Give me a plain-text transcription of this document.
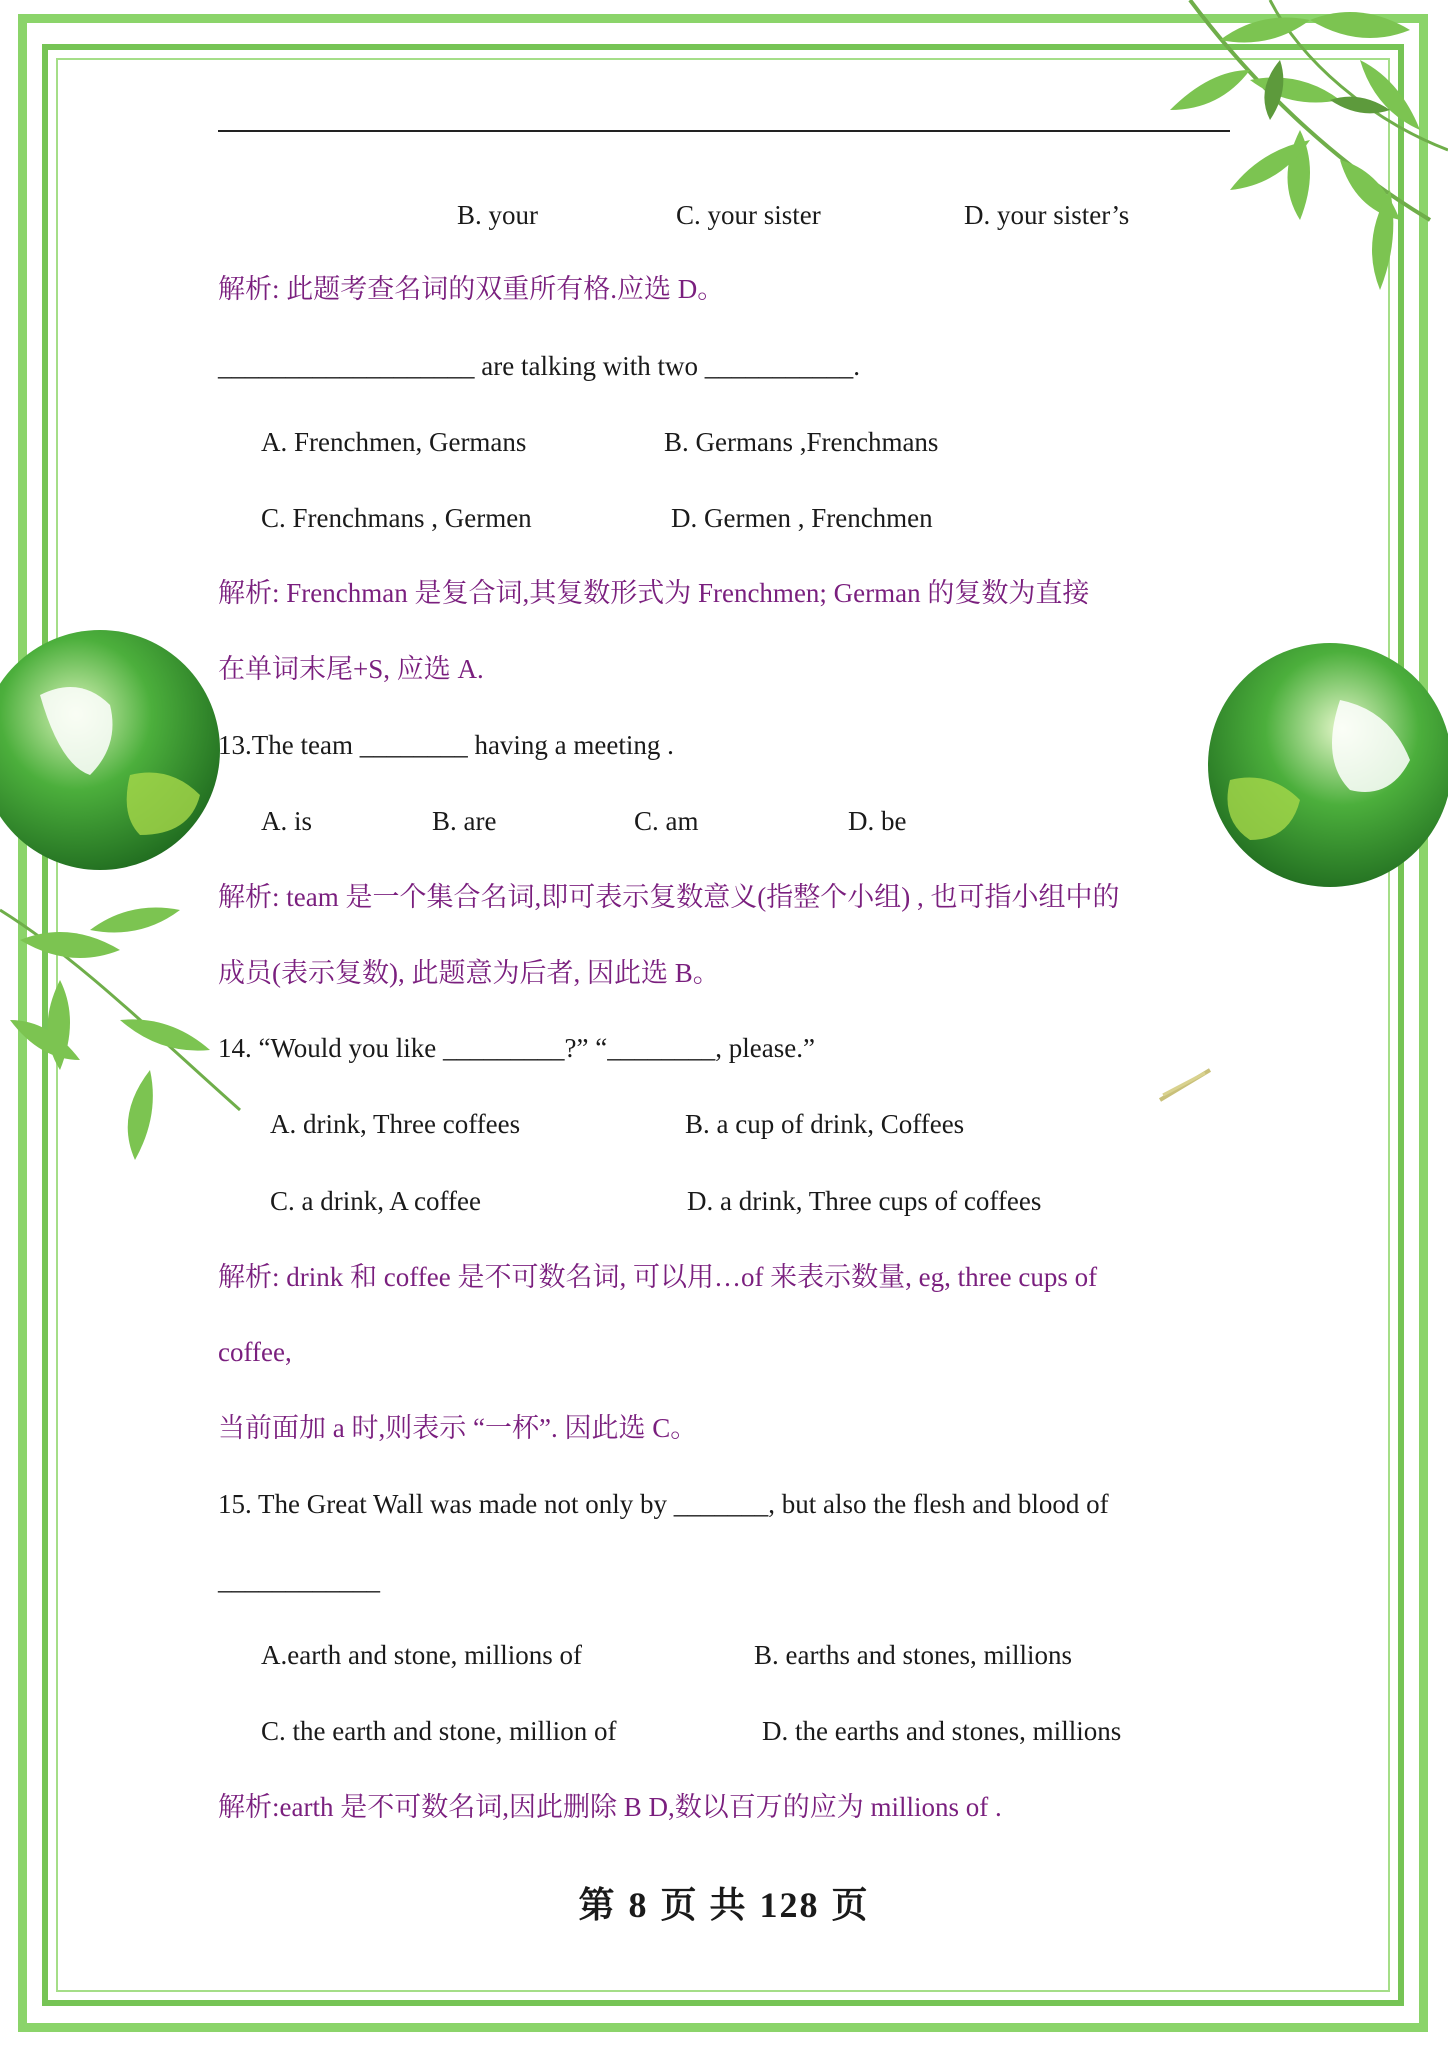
B. your	C. your sister	D. your sister’s
解析: 此题考查名词的双重所有格.应选 D。
___________________ are talking with two ___________.
A. Frenchmen, Germans	B. Germans ,Frenchmans
C. Frenchmans , Germen	D. Germen , Frenchmen
解析: Frenchman 是复合词,其复数形式为 Frenchmen; German 的复数为直接
在单词末尾+S, 应选 A.
13.The team ________ having a meeting .
A. is	B. are	C. am	D. be
解析: team 是一个集合名词,即可表示复数意义(指整个小组) , 也可指小组中的
成员(表示复数), 此题意为后者, 因此选 B。
14. “Would you like _________?” “________, please.”
A. drink, Three coffees	B. a cup of drink, Coffees
C. a drink, A coffee	D. a drink, Three cups of coffees
解析: drink 和 coffee 是不可数名词, 可以用…of 来表示数量, eg, three cups of
coffee,
当前面加 a 时,则表示 “一杯”. 因此选 C。
15. The Great Wall was made not only by _______, but also the flesh and blood of
____________
A.earth and stone, millions of	B. earths and stones, millions
C. the earth and stone, million of	D. the earths and stones, millions
解析:earth 是不可数名词,因此删除 B D,数以百万的应为 millions of .
第 8 页 共 128 页
